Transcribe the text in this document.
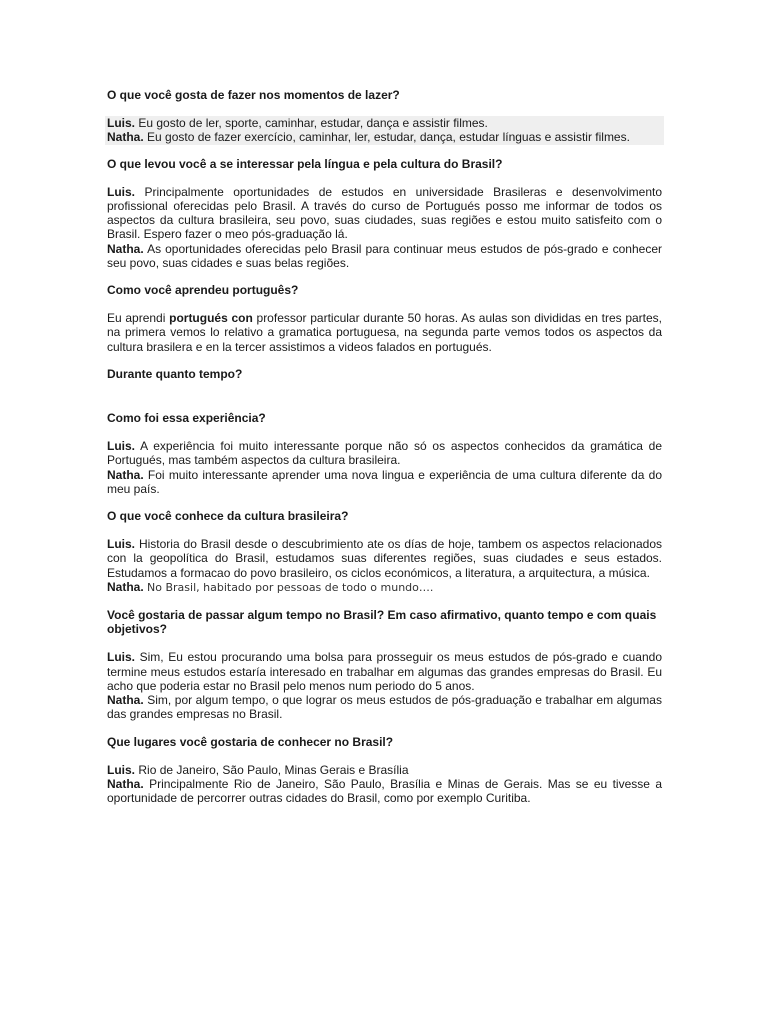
O que você gosta de fazer nos momentos de lazer?

Luis. Eu gosto de ler, sporte, caminhar, estudar, dança e assistir filmes.

Natha. Eu gosto de fazer exercício, caminhar, ler, estudar, dança, estudar línguas e assistir filmes.

O que levou você a se interessar pela língua e pela cultura do Brasil?

Luis. Principalmente oportunidades de estudos en universidade Brasileras e desenvolvimento profissional oferecidas pelo Brasil. A través do curso de Portugués posso me informar de todos os aspectos da cultura brasileira, seu povo, suas ciudades, suas regiões e estou muito satisfeito com o Brasil. Espero fazer o meo pós-graduação lá.

Natha. As oportunidades oferecidas pelo Brasil para continuar meus estudos de pós-grado e conhecer seu povo, suas cidades e suas belas regiões.

Como você aprendeu português?

Eu aprendi portugués con professor particular durante 50 horas. As aulas son divididas en tres partes, na primera vemos lo relativo a gramatica portuguesa, na segunda parte vemos todos os aspectos da cultura brasilera e en la tercer assistimos a videos falados en portugués.

Durante quanto tempo?

Como foi essa experiência?

Luis. A experiência foi muito interessante porque não só os aspectos conhecidos da gramática de Portugués, mas também aspectos da cultura brasileira.

Natha. Foi muito interessante aprender uma nova lingua e experiência de uma cultura diferente da do meu país.

O que você conhece da cultura brasileira?

Luis. Historia do Brasil desde o descubrimiento ate os días de hoje, tambem os aspectos relacionados con la geopolítica do Brasil, estudamos suas diferentes regiões, suas ciudades e seus estados. Estudamos a formacao do povo brasileiro, os ciclos económicos, a literatura, a arquitectura, a música.

Natha. No Brasil, habitado por pessoas de todo o mundo….

Você gostaria de passar algum tempo no Brasil? Em caso afirmativo, quanto tempo e com quais objetivos?

Luis. Sim, Eu estou procurando uma bolsa para prosseguir os meus estudos de pós-grado e cuando termine meus estudos estaría interesado en trabalhar em algumas das grandes empresas do Brasil. Eu acho que poderia estar no Brasil pelo menos num periodo do 5 anos.

Natha. Sim, por algum tempo, o que lograr os meus estudos de pós-graduação e trabalhar em algumas das grandes empresas no Brasil.

Que lugares você gostaria de conhecer no Brasil?

Luis. Rio de Janeiro, São Paulo, Minas Gerais e Brasília

Natha. Principalmente Rio de Janeiro, São Paulo, Brasília e Minas de Gerais. Mas se eu tivesse a oportunidade de percorrer outras cidades do Brasil, como por exemplo Curitiba.
